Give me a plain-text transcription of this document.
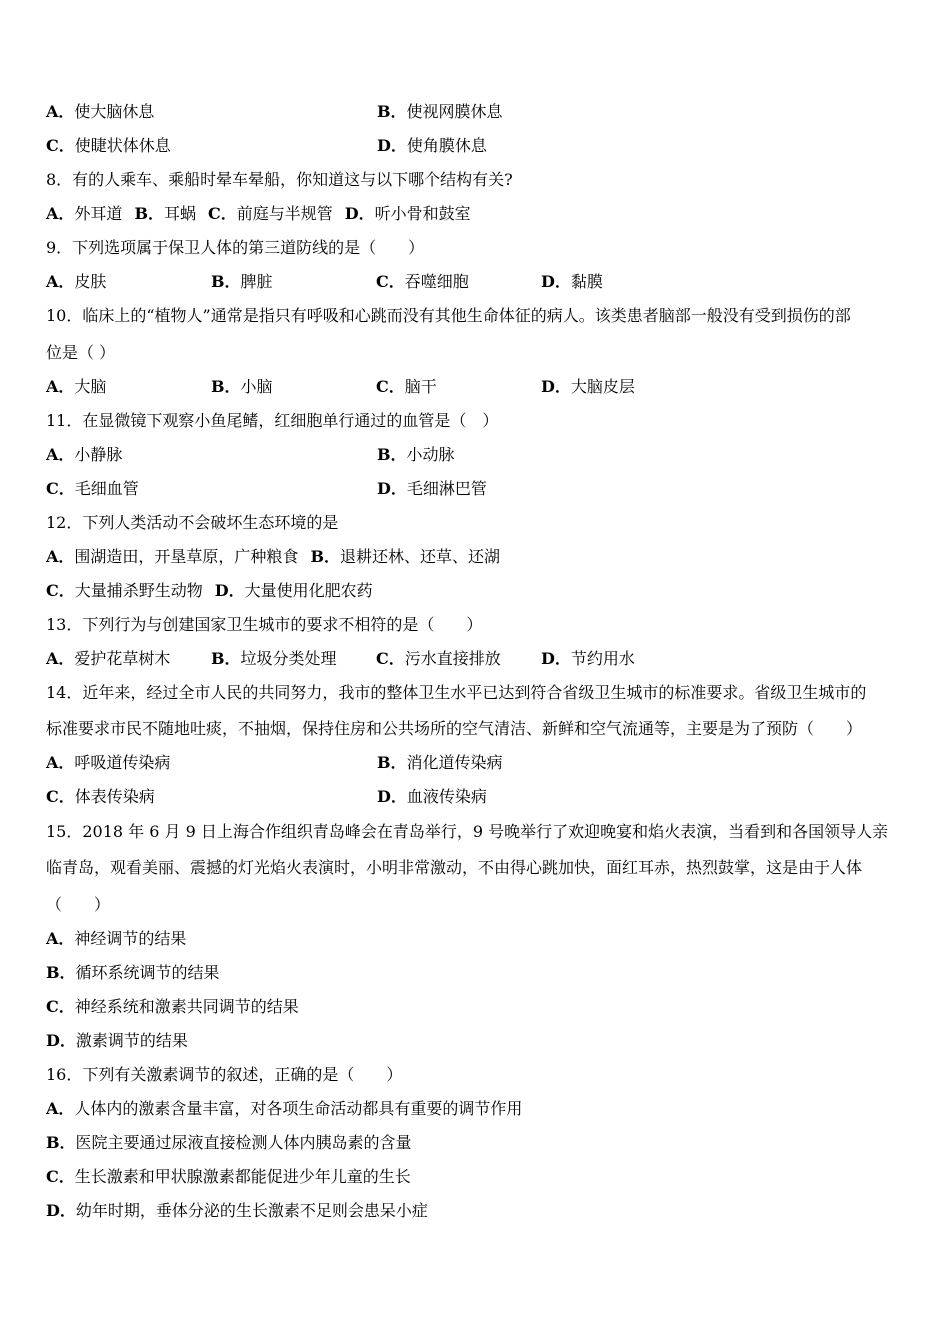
A．使大脑休息	B．使视网膜休息
C．使睫状体休息	D．使角膜休息
8．有的人乘车、乘船时晕车晕船，你知道这与以下哪个结构有关?
A．外耳道 B．耳蜗 C．前庭与半规管 D．听小骨和鼓室
9．下列选项属于保卫人体的第三道防线的是（　　）
A．皮肤	B．脾脏	C．吞噬细胞	D．黏膜
10．临床上的“植物人”通常是指只有呼吸和心跳而没有其他生命体征的病人。该类患者脑部一般没有受到损伤的部
位是（ ）
A．大脑	B．小脑	C．脑干	D．大脑皮层
11．在显微镜下观察小鱼尾鳍，红细胞单行通过的血管是（　）
A．小静脉	B．小动脉
C．毛细血管	D．毛细淋巴管
12．下列人类活动不会破坏生态环境的是
A．围湖造田，开垦草原，广种粮食 B．退耕还林、还草、还湖
C．大量捕杀野生动物 D．大量使用化肥农药
13．下列行为与创建国家卫生城市的要求不相符的是（　　）
A．爱护花草树木	B．垃圾分类处理 C．污水直接排放	D．节约用水
14．近年来，经过全市人民的共同努力，我市的整体卫生水平已达到符合省级卫生城市的标准要求。省级卫生城市的
标准要求市民不随地吐痰，不抽烟，保持住房和公共场所的空气清洁、新鲜和空气流通等，主要是为了预防（　　）
A．呼吸道传染病	B．消化道传染病
C．体表传染病	D．血液传染病
15．2018 年 6 月 9 日上海合作组织青岛峰会在青岛举行，9 号晚举行了欢迎晚宴和焰火表演，当看到和各国领导人亲
临青岛，观看美丽、震撼的灯光焰火表演时，小明非常激动，不由得心跳加快，面红耳赤，热烈鼓掌，这是由于人体
（　　）
A．神经调节的结果
B．循环系统调节的结果
C．神经系统和激素共同调节的结果
D．激素调节的结果
16．下列有关激素调节的叙述，正确的是（　　）
A．人体内的激素含量丰富，对各项生命活动都具有重要的调节作用
B．医院主要通过尿液直接检测人体内胰岛素的含量
C．生长激素和甲状腺激素都能促进少年儿童的生长
D．幼年时期，垂体分泌的生长激素不足则会患呆小症
